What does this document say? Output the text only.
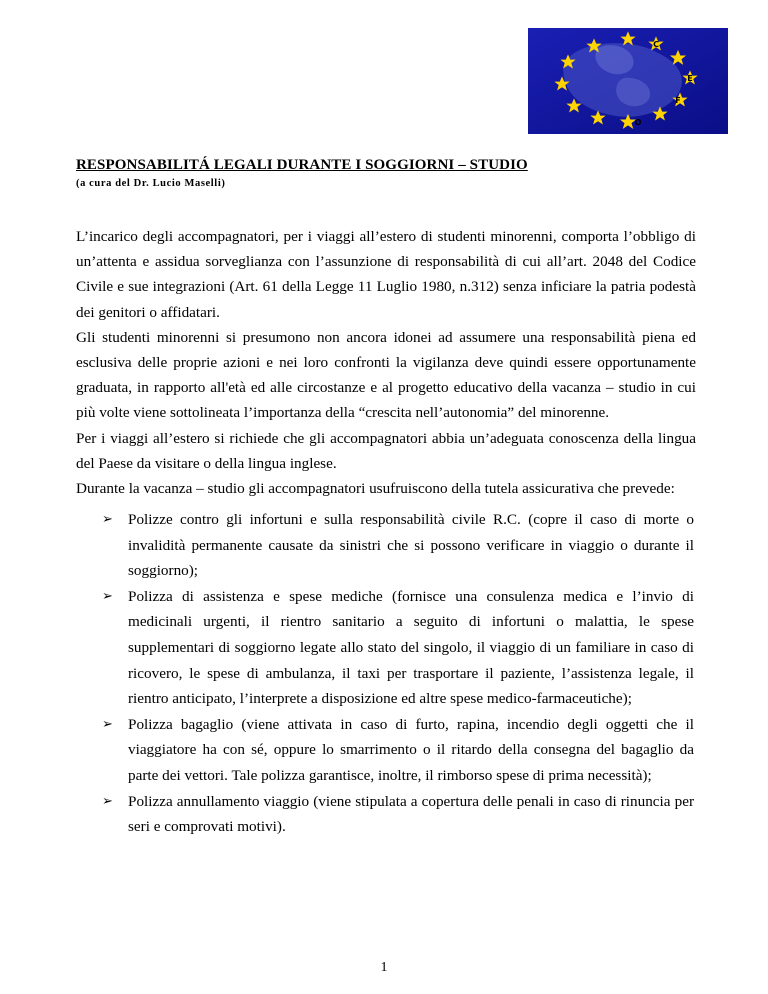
C
E
F
O
RESPONSABILITÁ LEGALI DURANTE I SOGGIORNI – STUDIO
(a cura del Dr. Lucio Maselli)

L’incarico degli accompagnatori, per i viaggi all’estero di studenti minorenni, comporta l’obbligo di un’attenta e assidua sorveglianza con l’assunzione di responsabilità di cui all’art. 2048 del Codice Civile e sue integrazioni (Art. 61 della Legge 11 Luglio 1980, n.312) senza inficiare la patria podestà dei genitori o affidatari.

Gli studenti minorenni si presumono non ancora idonei ad assumere una responsabilità piena ed esclusiva delle proprie azioni e nei loro confronti la vigilanza deve quindi essere opportunamente graduata, in rapporto all'età ed alle circostanze e al progetto educativo della vacanza – studio in cui più volte viene sottolineata l’importanza della “crescita nell’autonomia” del minorenne.

Per i viaggi all’estero si richiede che gli accompagnatori abbia un’adeguata conoscenza della lingua del Paese da visitare o della lingua inglese.

Durante la vacanza – studio gli accompagnatori usufruiscono della tutela assicurativa che prevede:

➢ Polizze contro gli infortuni e sulla responsabilità civile R.C. (copre il caso di morte o invalidità permanente causate da sinistri che si possono verificare in viaggio o durante il soggiorno);
➢ Polizza di assistenza e spese mediche (fornisce una consulenza medica e l’invio di medicinali urgenti, il rientro sanitario a seguito di infortuni o malattia, le spese supplementari di soggiorno legate allo stato del singolo, il viaggio di un familiare in caso di ricovero, le spese di ambulanza, il taxi per trasportare il paziente, l’assistenza legale, il rientro anticipato, l’interprete a disposizione ed altre spese medico-farmaceutiche);
➢ Polizza bagaglio (viene attivata in caso di furto, rapina, incendio degli oggetti che il viaggiatore ha con sé, oppure lo smarrimento o il ritardo della consegna del bagaglio da parte dei vettori. Tale polizza garantisce, inoltre, il rimborso spese di prima necessità);
➢ Polizza annullamento viaggio (viene stipulata a copertura delle penali in caso di rinuncia per seri e comprovati motivi).
1
